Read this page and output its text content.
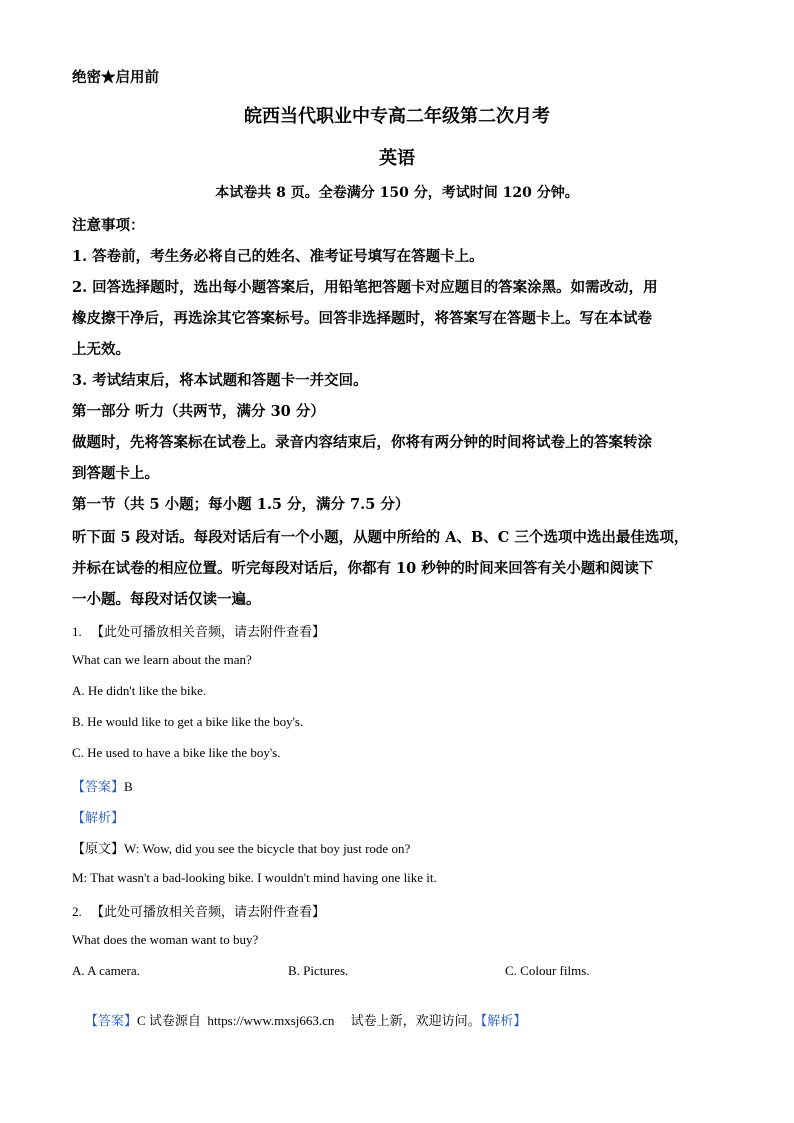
绝密★启用前
皖西当代职业中专高二年级第二次月考
英语
本试卷共 8 页。全卷满分 150 分，考试时间 120 分钟。
注意事项：
1. 答卷前，考生务必将自己的姓名、准考证号填写在答题卡上。
2. 回答选择题时，选出每小题答案后，用铅笔把答题卡对应题目的答案涂黑。如需改动，用
橡皮擦干净后，再选涂其它答案标号。回答非选择题时，将答案写在答题卡上。写在本试卷
上无效。
3. 考试结束后，将本试题和答题卡一并交回。
第一部分 听力（共两节，满分 30 分）
做题时，先将答案标在试卷上。录音内容结束后，你将有两分钟的时间将试卷上的答案转涂
到答题卡上。
第一节（共 5 小题；每小题 1.5 分，满分 7.5 分）
听下面 5 段对话。每段对话后有一个小题，从题中所给的 A、B、C 三个选项中选出最佳选项，
并标在试卷的相应位置。听完每段对话后，你都有 10 秒钟的时间来回答有关小题和阅读下
一小题。每段对话仅读一遍。
1. 【此处可播放相关音频，请去附件查看】
What can we learn about the man?
A. He didn't like the bike.
B. He would like to get a bike like the boy's.
C. He used to have a bike like the boy's.
【答案】B
【解析】
【原文】W: Wow, did you see the bicycle that boy just rode on?
M: That wasn't a bad-looking bike. I wouldn't mind having one like it.
2. 【此处可播放相关音频，请去附件查看】
What does the woman want to buy?
A. A camera.	B. Pictures.	C. Colour films.

【答案】C 试卷源自  https://www.mxsj663.cn     试卷上新，欢迎访问。【解析】
